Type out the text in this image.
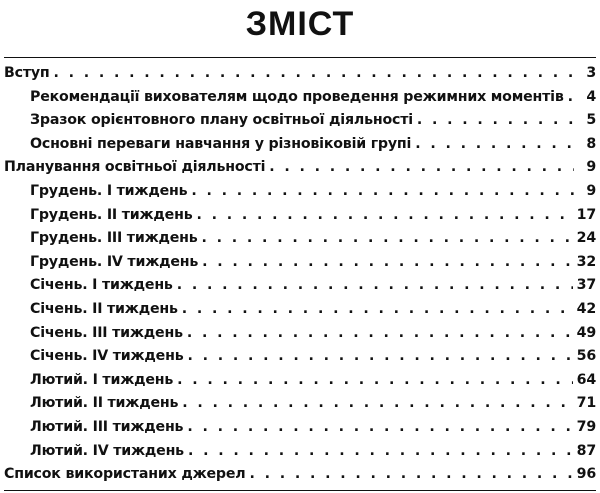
ЗМІСТ
Вступ . . .	3
Рекомендації вихователям щодо проведення режимних моментів . . .	4
Зразок орієнтовного плану освітньої діяльності . . .	5
Основні переваги навчання у різновіковій групі . . .	8
Планування освітньої діяльності . . .	9
Грудень. І тиждень . . .	9
Грудень. ІІ тиждень . . .	17
Грудень. ІІІ тиждень . . .	24
Грудень. IV тиждень . . .	32
Січень. І тиждень . . .	37
Січень. ІІ тиждень . . .	42
Січень. ІІІ тиждень . . .	49
Січень. IV тиждень . . .	56
Лютий. І тиждень . . .	64
Лютий. ІІ тиждень . . .	71
Лютий. ІІІ тиждень . . .	79
Лютий. IV тиждень . . .	87
Список використаних джерел . . .	96
